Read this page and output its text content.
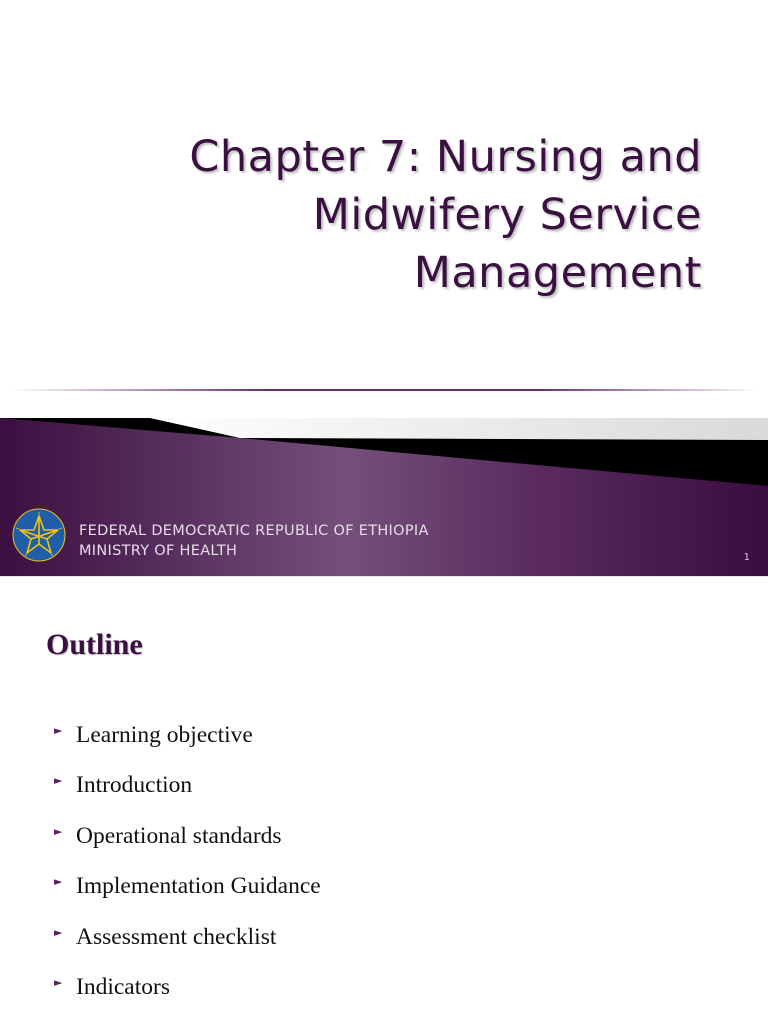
Chapter 7: Nursing and
Midwifery Service
Management
FEDERAL DEMOCRATIC REPUBLIC OF ETHIOPIA
MINISTRY OF HEALTH	1
Outline
► Learning objective
► Introduction
► Operational standards
► Implementation Guidance
► Assessment checklist
► Indicators
